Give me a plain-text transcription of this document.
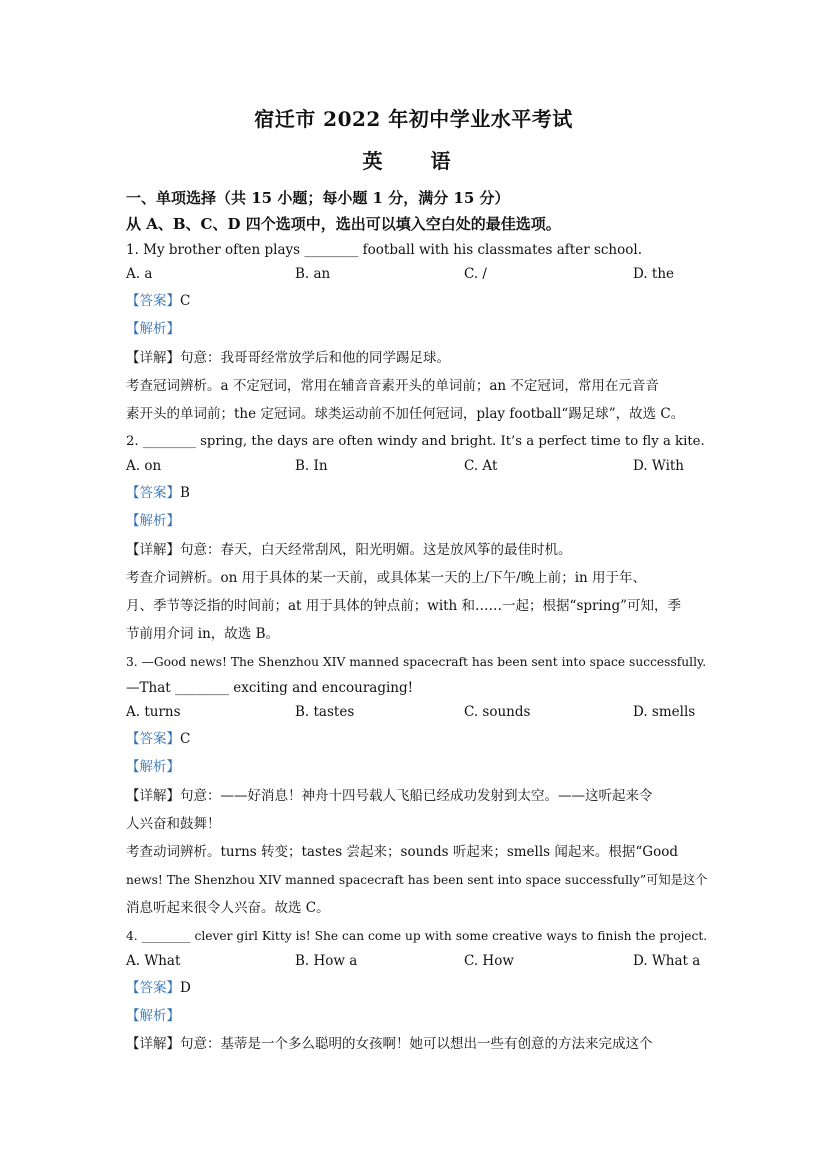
宿迁市 2022 年初中学业水平考试
英　语
一、单项选择（共 15 小题；每小题 1 分，满分 15 分）
从 A、B、C、D 四个选项中，选出可以填入空白处的最佳选项。
1. My brother often plays ________ football with his classmates after school.
A. a	B. an	C. /	D. the
【答案】C
【解析】
【详解】句意：我哥哥经常放学后和他的同学踢足球。
考查冠词辨析。a 不定冠词，常用在辅音音素开头的单词前；an 不定冠词，常用在元音音
素开头的单词前；the 定冠词。球类运动前不加任何冠词，play football“踢足球”，故选 C。
2. ________ spring, the days are often windy and bright. It’s a perfect time to fly a kite.
A. on	B. In	C. At	D. With
【答案】B
【解析】
【详解】句意：春天，白天经常刮风，阳光明媚。这是放风筝的最佳时机。
考查介词辨析。on 用于具体的某一天前，或具体某一天的上/下午/晚上前；in 用于年、
月、季节等泛指的时间前；at 用于具体的钟点前；with 和……一起；根据“spring”可知，季
节前用介词 in，故选 B。
3. —Good news! The Shenzhou XIV manned spacecraft has been sent into space successfully.
—That ________ exciting and encouraging!
A. turns	B. tastes	C. sounds	D. smells
【答案】C
【解析】
【详解】句意：——好消息！神舟十四号载人飞船已经成功发射到太空。——这听起来令
人兴奋和鼓舞！
考查动词辨析。turns 转变；tastes 尝起来；sounds 听起来；smells 闻起来。根据“Good
news! The Shenzhou XIV manned spacecraft has been sent into space successfully”可知是这个
消息听起来很令人兴奋。故选 C。
4. ________ clever girl Kitty is! She can come up with some creative ways to finish the project.
A. What	B. How a	C. How	D. What a
【答案】D
【解析】
【详解】句意：基蒂是一个多么聪明的女孩啊！她可以想出一些有创意的方法来完成这个
